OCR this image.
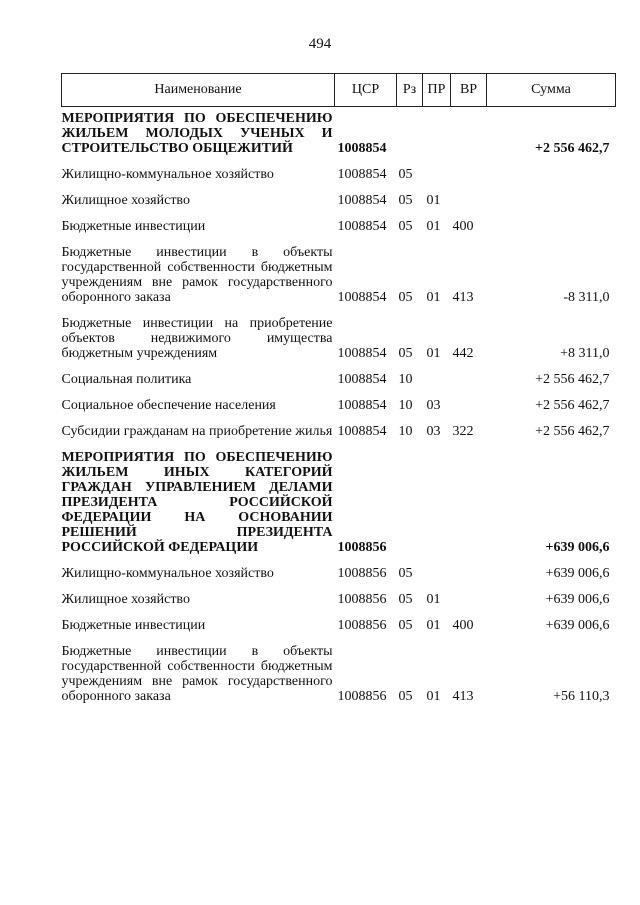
494
Наименование	ЦСР	Рз	ПР	ВР	Сумма
МЕРОПРИЯТИЯ ПО ОБЕСПЕЧЕНИЮ ЖИЛЬЕМ МОЛОДЫХ УЧЕНЫХ И СТРОИТЕЛЬСТВО ОБЩЕЖИТИЙ	1008854				+2 556 462,7
Жилищно-коммунальное хозяйство	1008854	05			
Жилищное хозяйство	1008854	05	01		
Бюджетные инвестиции	1008854	05	01	400	
Бюджетные инвестиции в объекты государственной собственности бюджетным учреждениям вне рамок государственного оборонного заказа	1008854	05	01	413	-8 311,0
Бюджетные инвестиции на приобретение объектов недвижимого имущества бюджетным учреждениям	1008854	05	01	442	+8 311,0
Социальная политика	1008854	10			+2 556 462,7
Социальное обеспечение населения	1008854	10	03		+2 556 462,7
Субсидии гражданам на приобретение жилья	1008854	10	03	322	+2 556 462,7
МЕРОПРИЯТИЯ ПО ОБЕСПЕЧЕНИЮ ЖИЛЬЕМ ИНЫХ КАТЕГОРИЙ ГРАЖДАН УПРАВЛЕНИЕМ ДЕЛАМИ ПРЕЗИДЕНТА РОССИЙСКОЙ ФЕДЕРАЦИИ НА ОСНОВАНИИ РЕШЕНИЙ ПРЕЗИДЕНТА РОССИЙСКОЙ ФЕДЕРАЦИИ	1008856				+639 006,6
Жилищно-коммунальное хозяйство	1008856	05			+639 006,6
Жилищное хозяйство	1008856	05	01		+639 006,6
Бюджетные инвестиции	1008856	05	01	400	+639 006,6
Бюджетные инвестиции в объекты государственной собственности бюджетным учреждениям вне рамок государственного оборонного заказа	1008856	05	01	413	+56 110,3
